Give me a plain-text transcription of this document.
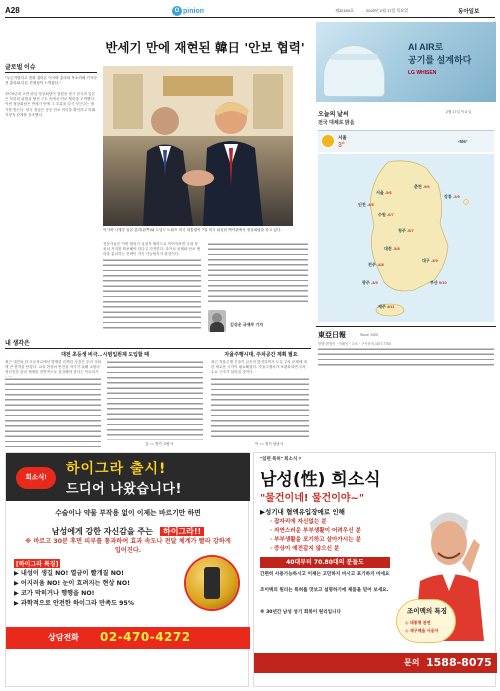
A28	O pinion	제32169호	2025년 2월 17일 목요일	동아일보
반세기 만에 재현된 韓日 '안보 협력'
글로벌 이슈
"두근거렸다고 전화 걸어온 이시바 총리의 목소리에 기시다 전 총리와 다른 진정성이 느껴졌다."
1970년대 초반 한일 정상회담이 열렸을 당시 한국과 일본은 북한의 위협과 냉전 구도 속에서 안보 협력을 모색했다. 이번 정상회담은 반세기 만에 그 흐름을 다시 잇는다는 평가를 받는다. 양국 정상은 공동 안보 이익을 확인하고 미래 지향적 관계를 강조했다.
이시바 시게루 일본 총리(왼쪽)와 도널드 트럼프 미국 대통령이 7일 미국 워싱턴 백악관에서 정상회담을 하고 있다.
전문가들은 이번 합의가 실질적 협력으로 이어지려면 국내 정치의 지지를 확보해야 한다고 지적한다. 과거사 문제와 안보 협력을 분리하는 전략이 지속 가능할지가 관건이다.
김상운 국제부 기자
AI AIR로
공기를 설계하다
LG WHISEN
오늘의 날씨
전국 대체로 맑음
2월 17일 목요일
서울
3°
-5/6°
서울 -5/6
인천 -4/5
수원 -6/7
춘천 -9/6
강릉 -2/9
청주 -5/7
대전 -5/8
전주 -4/8
광주 -3/9
대구 -3/9
부산 0/10
제주 4/11
東亞日報	Since 1920
발행·편집인 · 인쇄인 · 주소 · 구독문의 1577-7700
내 생각은
대전 초등생 비극…시범입원제 도입할 때
최근 대전의 한 초등학교에서 발생한 끔찍한 사건은 우리 사회에 큰 충격을 안겼다. 교육 현장의 안전을 지키기 위해 교원의 정신건강 관리 체계를 전면적으로 점검해야 한다는 목소리가
김 ○○ 경기 고양시
자율주행시대, 주차공간 계획 필요
최근 자율주행 기술이 급속히 발전하면서 도심 주차 문제에 대한 새로운 시각이 필요해졌다. 자율주행차가 보편화되면 주차 수요 구조가 달라질 것이다.
이 ○○ 경기 성남시
회소식!
하이그라 출시!
드디어 나왔습니다!
수술이나 약물 부작용 없이 이제는 바르기만 하면
남성에게 강한 자신감을 주는 하이그라!!
※ 바르고 30분 후면 피부를 통과하여 효과 속도나 전달 체계가 빨라 강하게 입어진다.
[하이그라 특징]
▶ 내성이 생길 NO! 열금이 빨개질 NO!
▶ 어지러움 NO! 눈이 흐려지는 현상 NO!
▶ 코가 막히거나 행행을 NO!
▶ 과학적으로 안전한 하이그라 만족도 95%
상담전화 02-470-4272
"일편 특허" 희소식 ?
남성(性) 희소식
"물건이네! 물건이야~"
▶성기내 혈액유입장애로 인해
· 잡자리에 자신없는 분
· 자연스러운 부부생활이 어려우신 분
· 부부생활을 포기하고 살아가시는 분
· 증상이 예전같지 않으신 분
40대부터 70.80대의 분들도
간편히 사용가능하시고 이제는 고민하지 마시고 포기하지 마세요
조이맥의 원리는 특허를 맛보고 설명하기에 제품을 믿어 보세요.
조이맥의 특징
◎ 대통령 관련
◎ 재구매율 사용자
※ 30년간 남성 성기 회복이 원리입니다
문의 1588-8075
